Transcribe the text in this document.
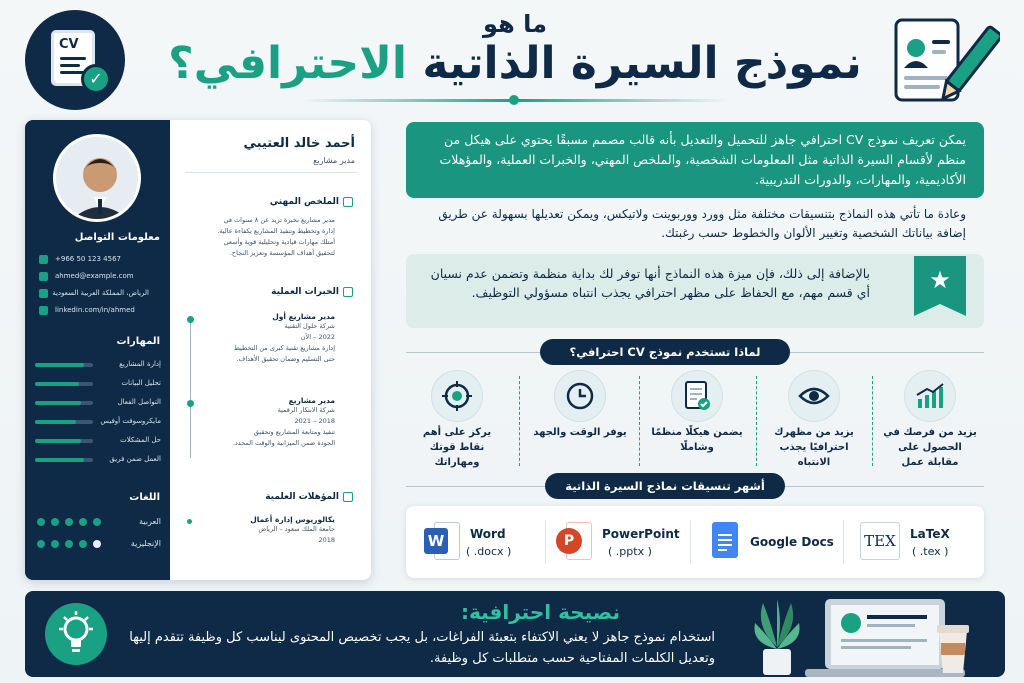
CV
✓
ما هو
نموذج السيرة الذاتية الاحترافي؟
معلومات التواصل
+966 50 123 4567
ahmed@example.com
الرياض، المملكة العربية السعودية
linkedin.com/in/ahmed
المهارات
إدارة المشاريع
تحليل البيانات
التواصل الفعال
مايكروسوفت أوفيس
حل المشكلات
العمل ضمن فريق
اللغات
العربية
الإنجليزية
أحمد خالد العتيبي
مدير مشاريع
الملخص المهني
مدير مشاريع بخبرة تزيد عن ٨ سنوات في
إدارة وتخطيط وتنفيذ المشاريع بكفاءة عالية.
أمتلك مهارات قيادية وتحليلية قوية وأسعى
لتحقيق أهداف المؤسسة وتعزيز النجاح.
الخبرات العملية
مدير مشاريع أول
شركة حلول التقنية
2022 – الآن
إدارة مشاريع تقنية كبرى من التخطيط
حتى التسليم وضمان تحقيق الأهداف.
مدير مشاريع
شركة الابتكار الرقمية
2018 – 2021
تنفيذ ومتابعة المشاريع وتحقيق
الجودة ضمن الميزانية والوقت المحدد.
المؤهلات العلمية
بكالوريوس إدارة أعمال
جامعة الملك سعود – الرياض
2018
يمكن تعريف نموذج CV احترافي جاهز للتحميل والتعديل بأنه قالب مصمم مسبقًا يحتوي على هيكل من منظم لأقسام السيرة الذاتية مثل المعلومات الشخصية، والملخص المهني، والخبرات العملية، والمؤهلات الأكاديمية، والمهارات، والدورات التدريبية.
وعادة ما تأتي هذه النماذج بتنسيقات مختلفة مثل وورد ووربوينت ولاتيكس، ويمكن تعديلها بسهولة عن طريق إضافة بياناتك الشخصية وتغيير الألوان والخطوط حسب رغبتك.
★
بالإضافة إلى ذلك، فإن ميزة هذه النماذج أنها توفر لك بداية منظمة وتضمن عدم نسيان أي قسم مهم، مع الحفاظ على مظهر احترافي يجذب انتباه مسؤولي التوظيف.
لماذا تستخدم نموذج CV احترافي؟
يزيد من فرصك في الحصول على مقابلة عمل
يزيد من مظهرك احترافيًا يجذب الانتباه
يضمن هيكلًا منظمًا وشاملًا
يوفر الوقت والجهد
يركز على أهم نقاط قوتك ومهاراتك
أشهر تنسيقات نماذج السيرة الذاتية
W	Word
( .docx )
P	PowerPoint
( .pptx )
Google Docs TEX	LaTeX
( .tex )
نصيحة احترافية:
استخدام نموذج جاهز لا يعني الاكتفاء بتعبئة الفراغات، بل يجب تخصيص المحتوى ليناسب كل وظيفة تتقدم إليها وتعديل الكلمات المفتاحية حسب متطلبات كل وظيفة.
